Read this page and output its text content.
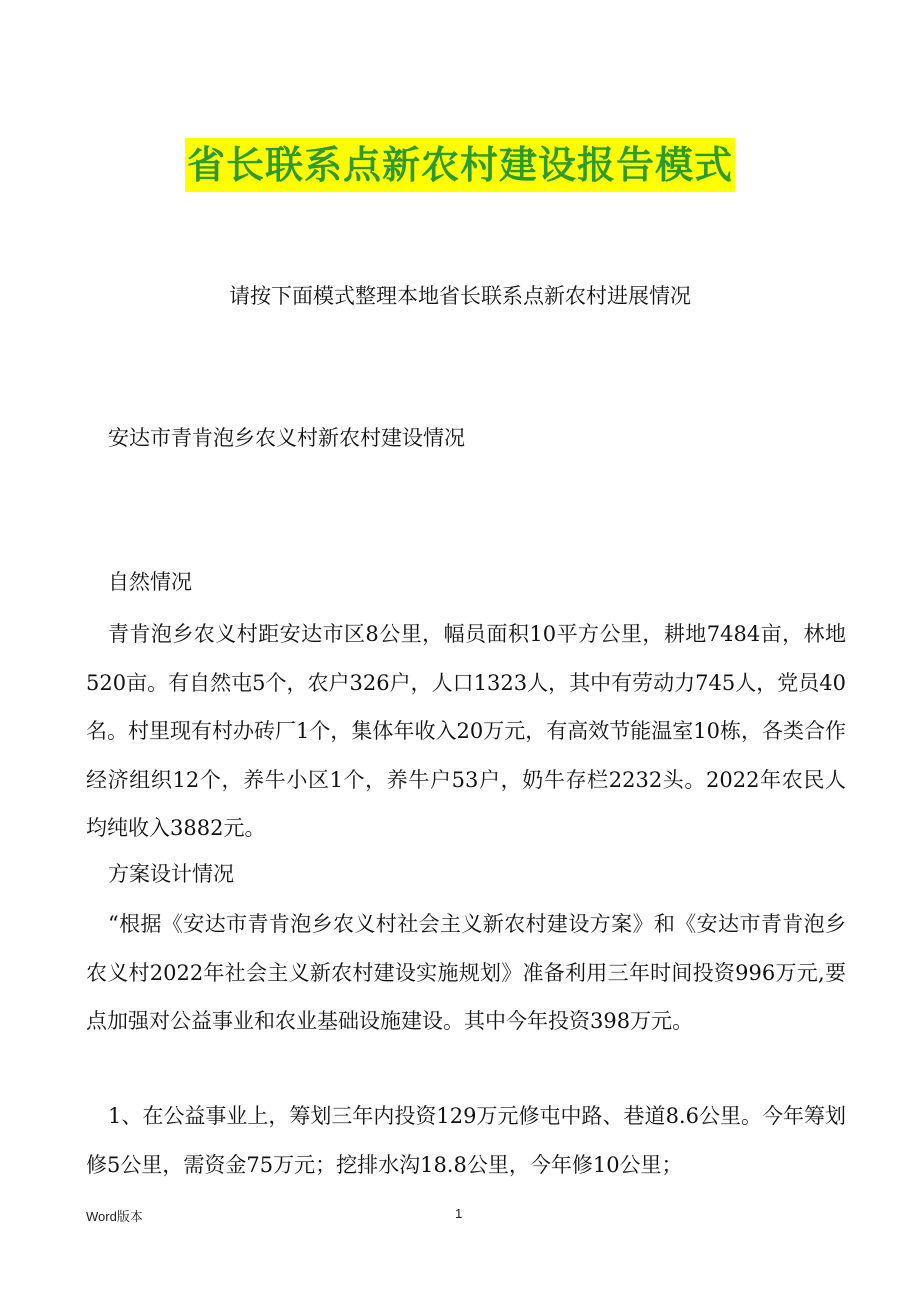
省长联系点新农村建设报告模式
请按下面模式整理本地省长联系点新农村进展情况
安达市青肯泡乡农义村新农村建设情况
自然情况
青肯泡乡农义村距安达市区8公里，幅员面积10平方公里，耕地7484亩，林地520亩。有自然屯5个，农户326户，人口1323人，其中有劳动力745人，党员40名。村里现有村办砖厂1个，集体年收入20万元，有高效节能温室10栋，各类合作经济组织12个，养牛小区1个，养牛户53户，奶牛存栏2232头。2022年农民人均纯收入3882元。
方案设计情况
“根据《安达市青肯泡乡农义村社会主义新农村建设方案》和《安达市青肯泡乡农义村2022年社会主义新农村建设实施规划》准备利用三年时间投资996万元,要点加强对公益事业和农业基础设施建设。其中今年投资398万元。
1、在公益事业上，筹划三年内投资129万元修屯中路、巷道8.6公里。今年筹划修5公里，需资金75万元；挖排水沟18.8公里，今年修10公里；
Word版本	1
